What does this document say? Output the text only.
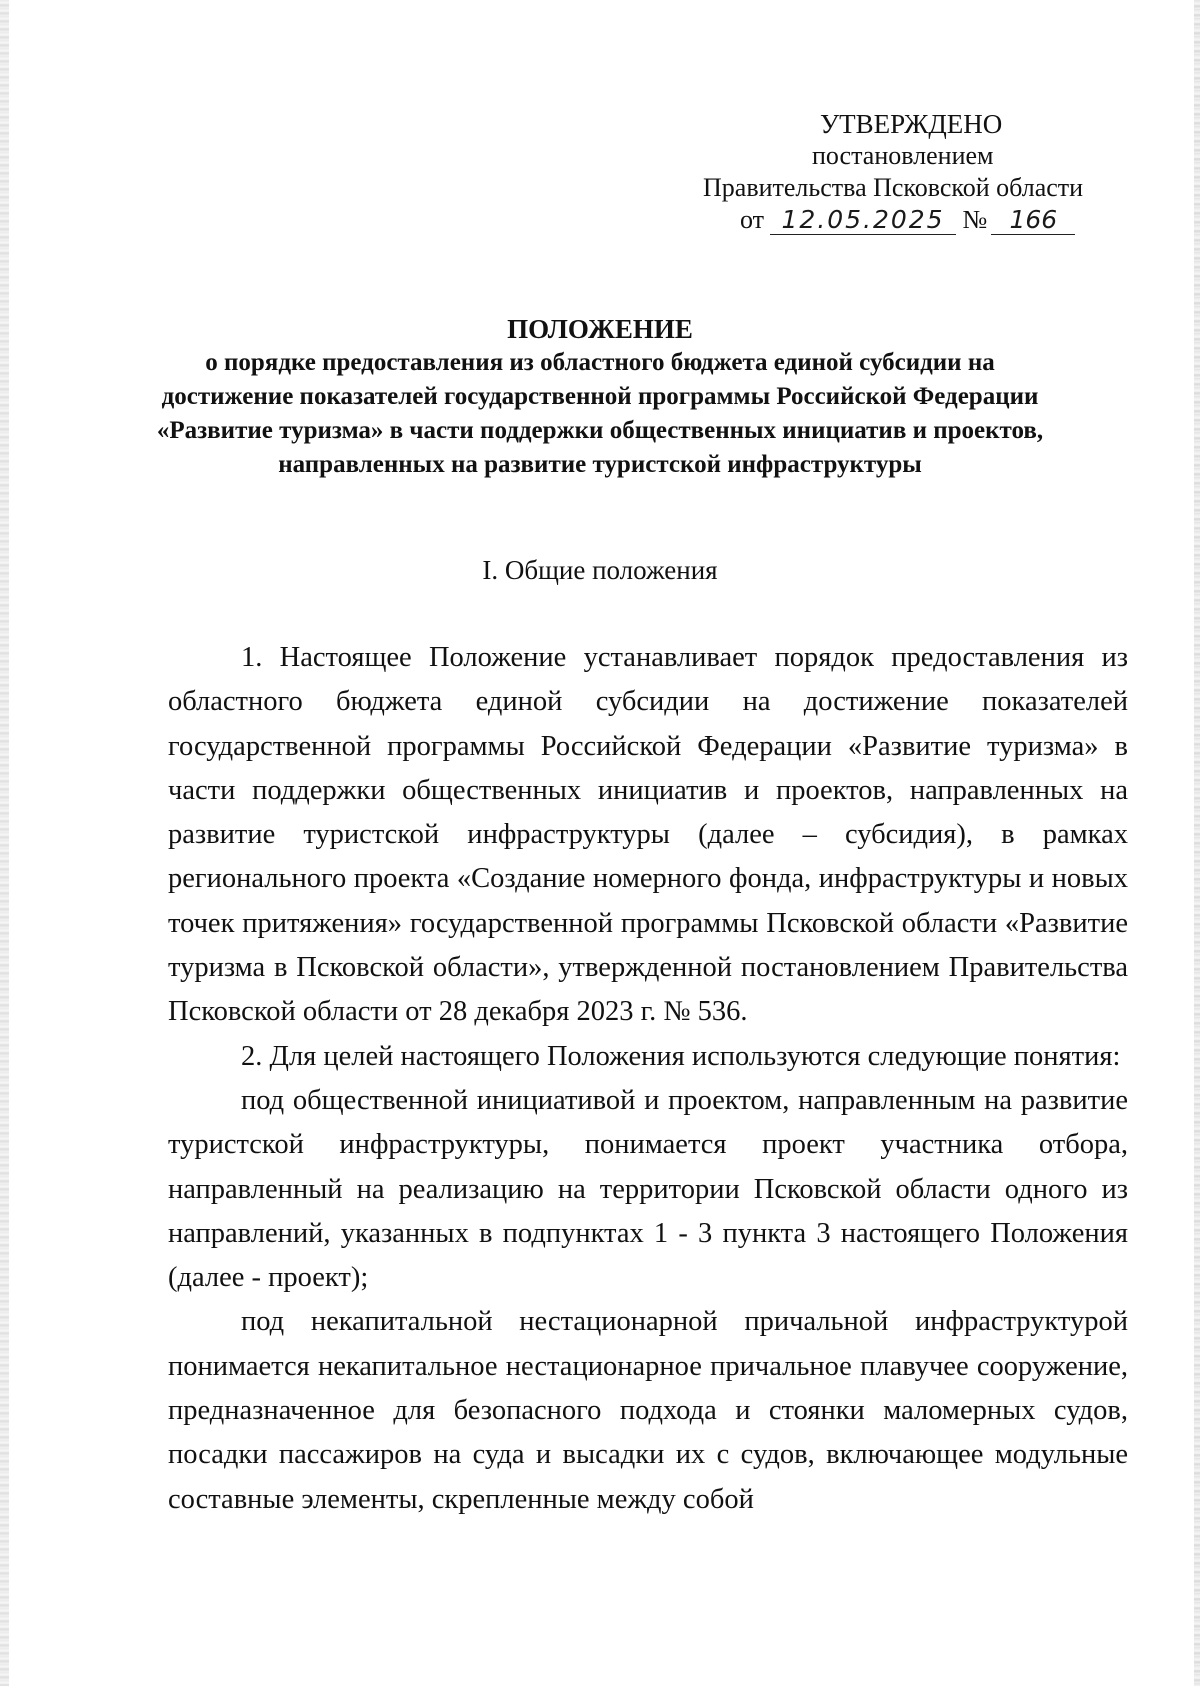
УТВЕРЖДЕНО
постановлением
Правительства Псковской области
от 12.05.2025 № 166
ПОЛОЖЕНИЕ
о порядке предоставления из областного бюджета единой субсидии на достижение показателей государственной программы Российской Федерации «Развитие туризма» в части поддержки общественных инициатив и проектов, направленных на развитие туристской инфраструктуры
I. Общие положения

1. Настоящее Положение устанавливает порядок предоставления из областного бюджета единой субсидии на достижение показателей государственной программы Российской Федерации «Развитие туризма» в части поддержки общественных инициатив и проектов, направленных на развитие туристской инфраструктуры (далее – субсидия), в рамках регионального проекта «Создание номерного фонда, инфраструктуры и новых точек притяжения» государственной программы Псковской области «Развитие туризма в Псковской области», утвержденной постановлением Правительства Псковской области от 28 декабря 2023 г. № 536.

2. Для целей настоящего Положения используются следующие понятия:

под общественной инициативой и проектом, направленным на развитие туристской инфраструктуры, понимается проект участника отбора, направленный на реализацию на территории Псковской области одного из направлений, указанных в подпунктах 1 - 3 пункта 3 настоящего Положения (далее - проект);

под некапитальной нестационарной причальной инфраструктурой понимается некапитальное нестационарное причальное плавучее сооружение, предназначенное для безопасного подхода и стоянки маломерных судов, посадки пассажиров на суда и высадки их с судов, включающее модульные составные элементы, скрепленные между собой
